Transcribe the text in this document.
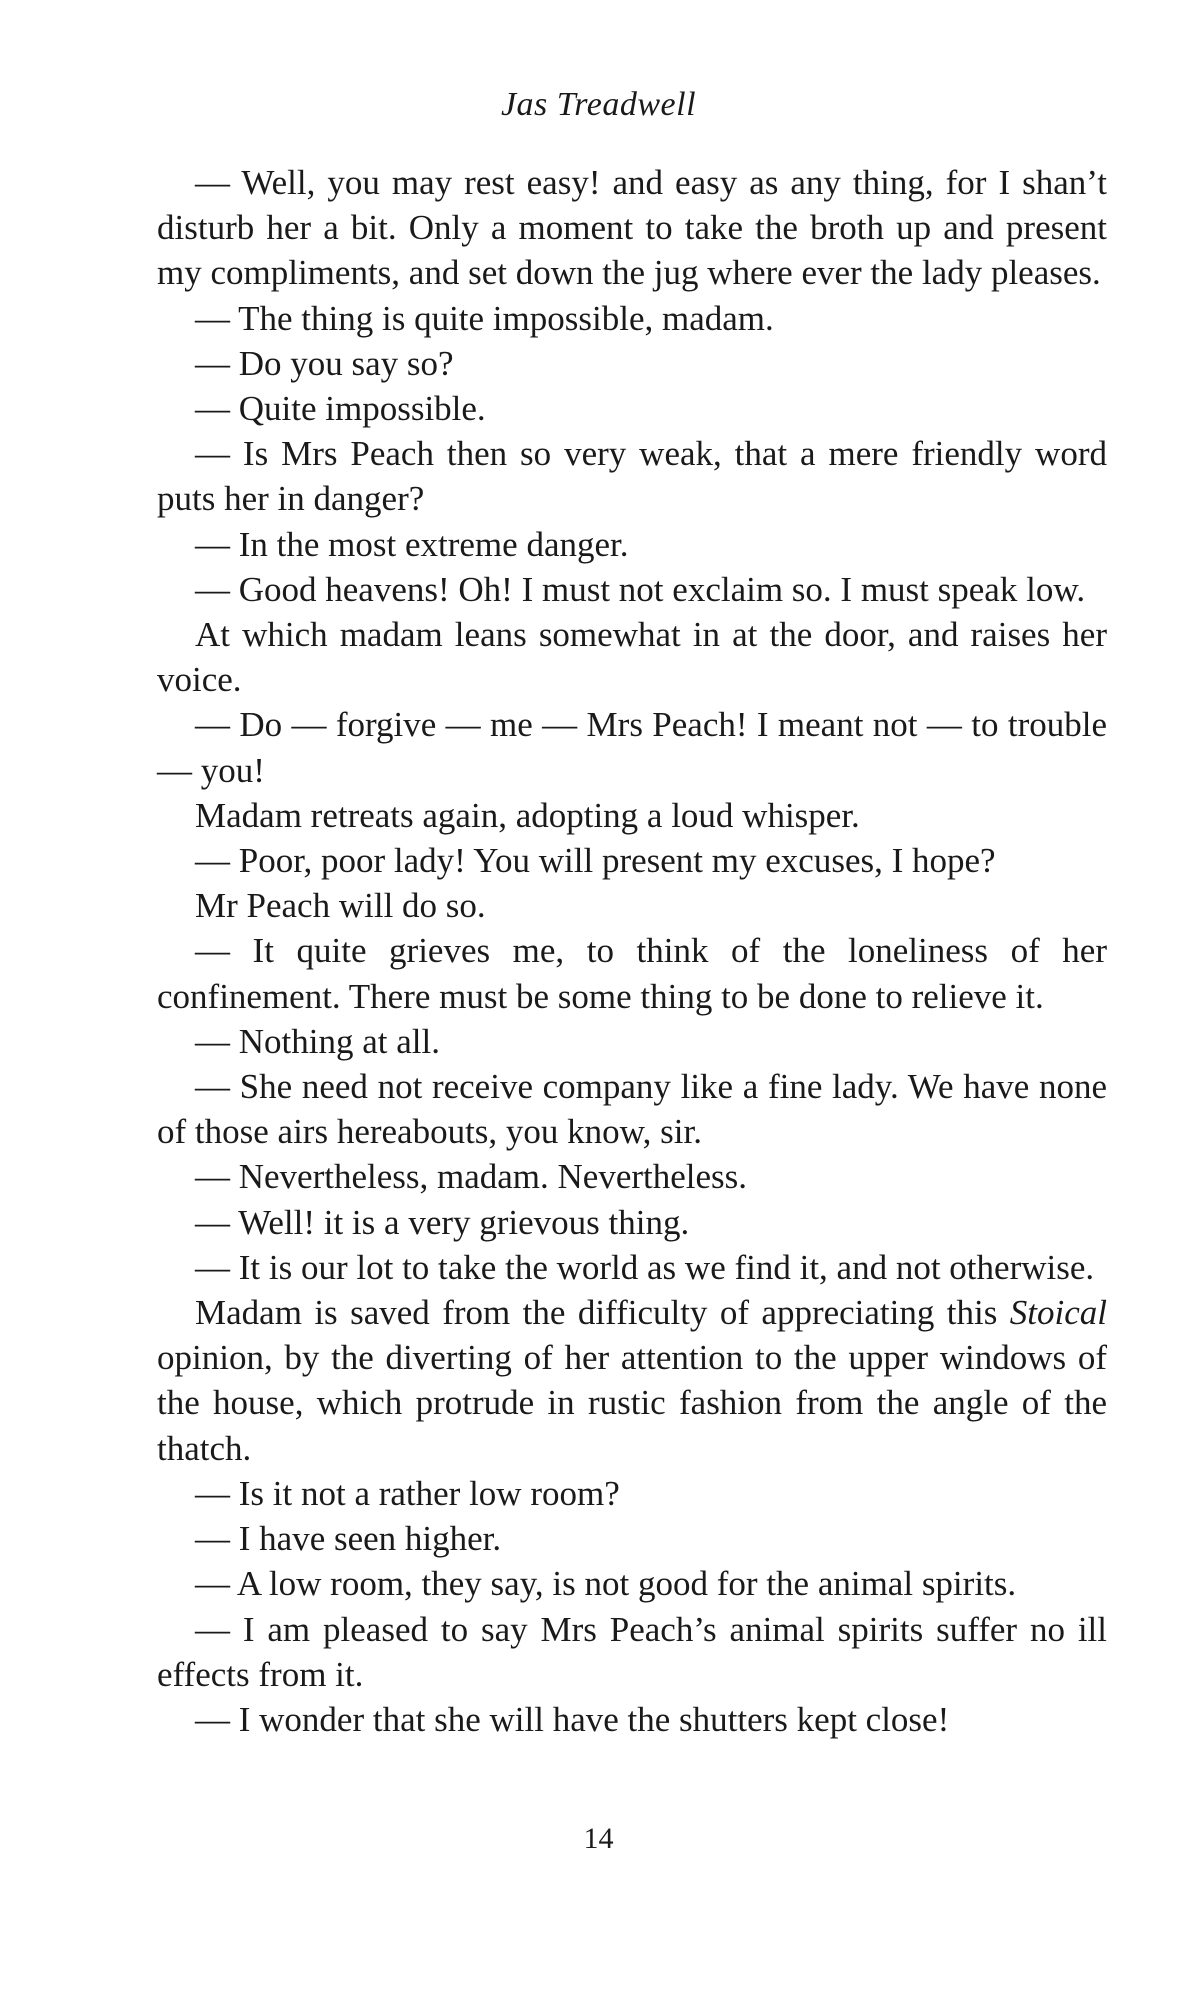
Jas Treadwell

— Well, you may rest easy! and easy as any thing, for I shan’t disturb her a bit. Only a moment to take the broth up and present my compliments, and set down the jug where ever the lady pleases.

— The thing is quite impossible, madam.

— Do you say so?

— Quite impossible.

— Is Mrs Peach then so very weak, that a mere friendly word puts her in danger?

— In the most extreme danger.

— Good heavens! Oh! I must not exclaim so. I must speak low.

At which madam leans somewhat in at the door, and raises her voice.

— Do — forgive — me — Mrs Peach! I meant not — to trouble — you!

Madam retreats again, adopting a loud whisper.

— Poor, poor lady! You will present my excuses, I hope?

Mr Peach will do so.

— It quite grieves me, to think of the loneliness of her confinement. There must be some thing to be done to relieve it.

— Nothing at all.

— She need not receive company like a fine lady. We have none of those airs hereabouts, you know, sir.

— Nevertheless, madam. Nevertheless.

— Well! it is a very grievous thing.

— It is our lot to take the world as we find it, and not otherwise.

Madam is saved from the difficulty of appreciating this Stoical opinion, by the diverting of her attention to the upper windows of the house, which protrude in rustic fashion from the angle of the thatch.

— Is it not a rather low room?

— I have seen higher.

— A low room, they say, is not good for the animal spirits.

— I am pleased to say Mrs Peach’s animal spirits suffer no ill effects from it.

— I wonder that she will have the shutters kept close!

14
